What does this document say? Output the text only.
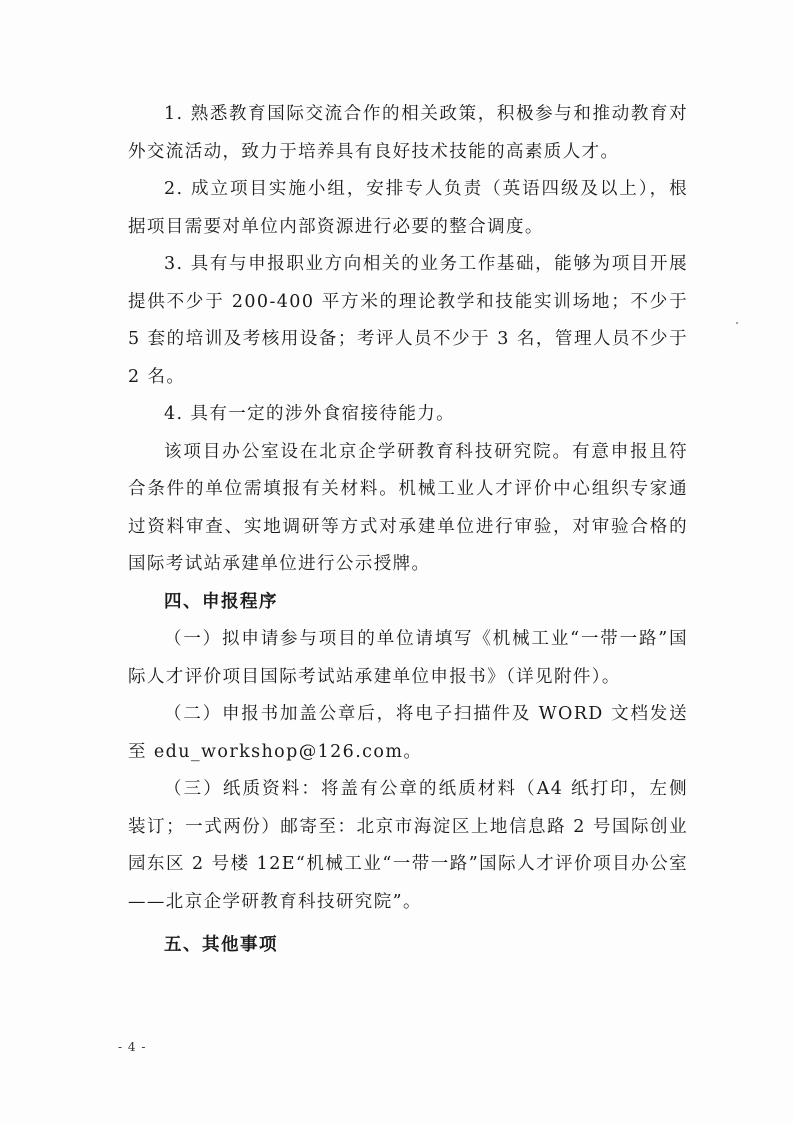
1. 熟悉教育国际交流合作的相关政策，积极参与和推动教育对外交流活动，致力于培养具有良好技术技能的高素质人才。

2. 成立项目实施小组，安排专人负责（英语四级及以上），根据项目需要对单位内部资源进行必要的整合调度。

3. 具有与申报职业方向相关的业务工作基础，能够为项目开展提供不少于 200-400 平方米的理论教学和技能实训场地；不少于 5 套的培训及考核用设备；考评人员不少于 3 名，管理人员不少于 2 名。

4. 具有一定的涉外食宿接待能力。

该项目办公室设在北京企学研教育科技研究院。有意申报且符合条件的单位需填报有关材料。机械工业人才评价中心组织专家通过资料审查、实地调研等方式对承建单位进行审验，对审验合格的国际考试站承建单位进行公示授牌。

四、申报程序

（一）拟申请参与项目的单位请填写《机械工业“一带一路”国际人才评价项目国际考试站承建单位申报书》（详见附件）。

（二）申报书加盖公章后，将电子扫描件及 WORD 文档发送至 edu_workshop@126.com。

（三）纸质资料：将盖有公章的纸质材料（A4 纸打印，左侧装订；一式两份）邮寄至：北京市海淀区上地信息路 2 号国际创业园东区 2 号楼 12E“机械工业“一带一路”国际人才评价项目办公室——北京企学研教育科技研究院”。

五、其他事项

- 4 -
